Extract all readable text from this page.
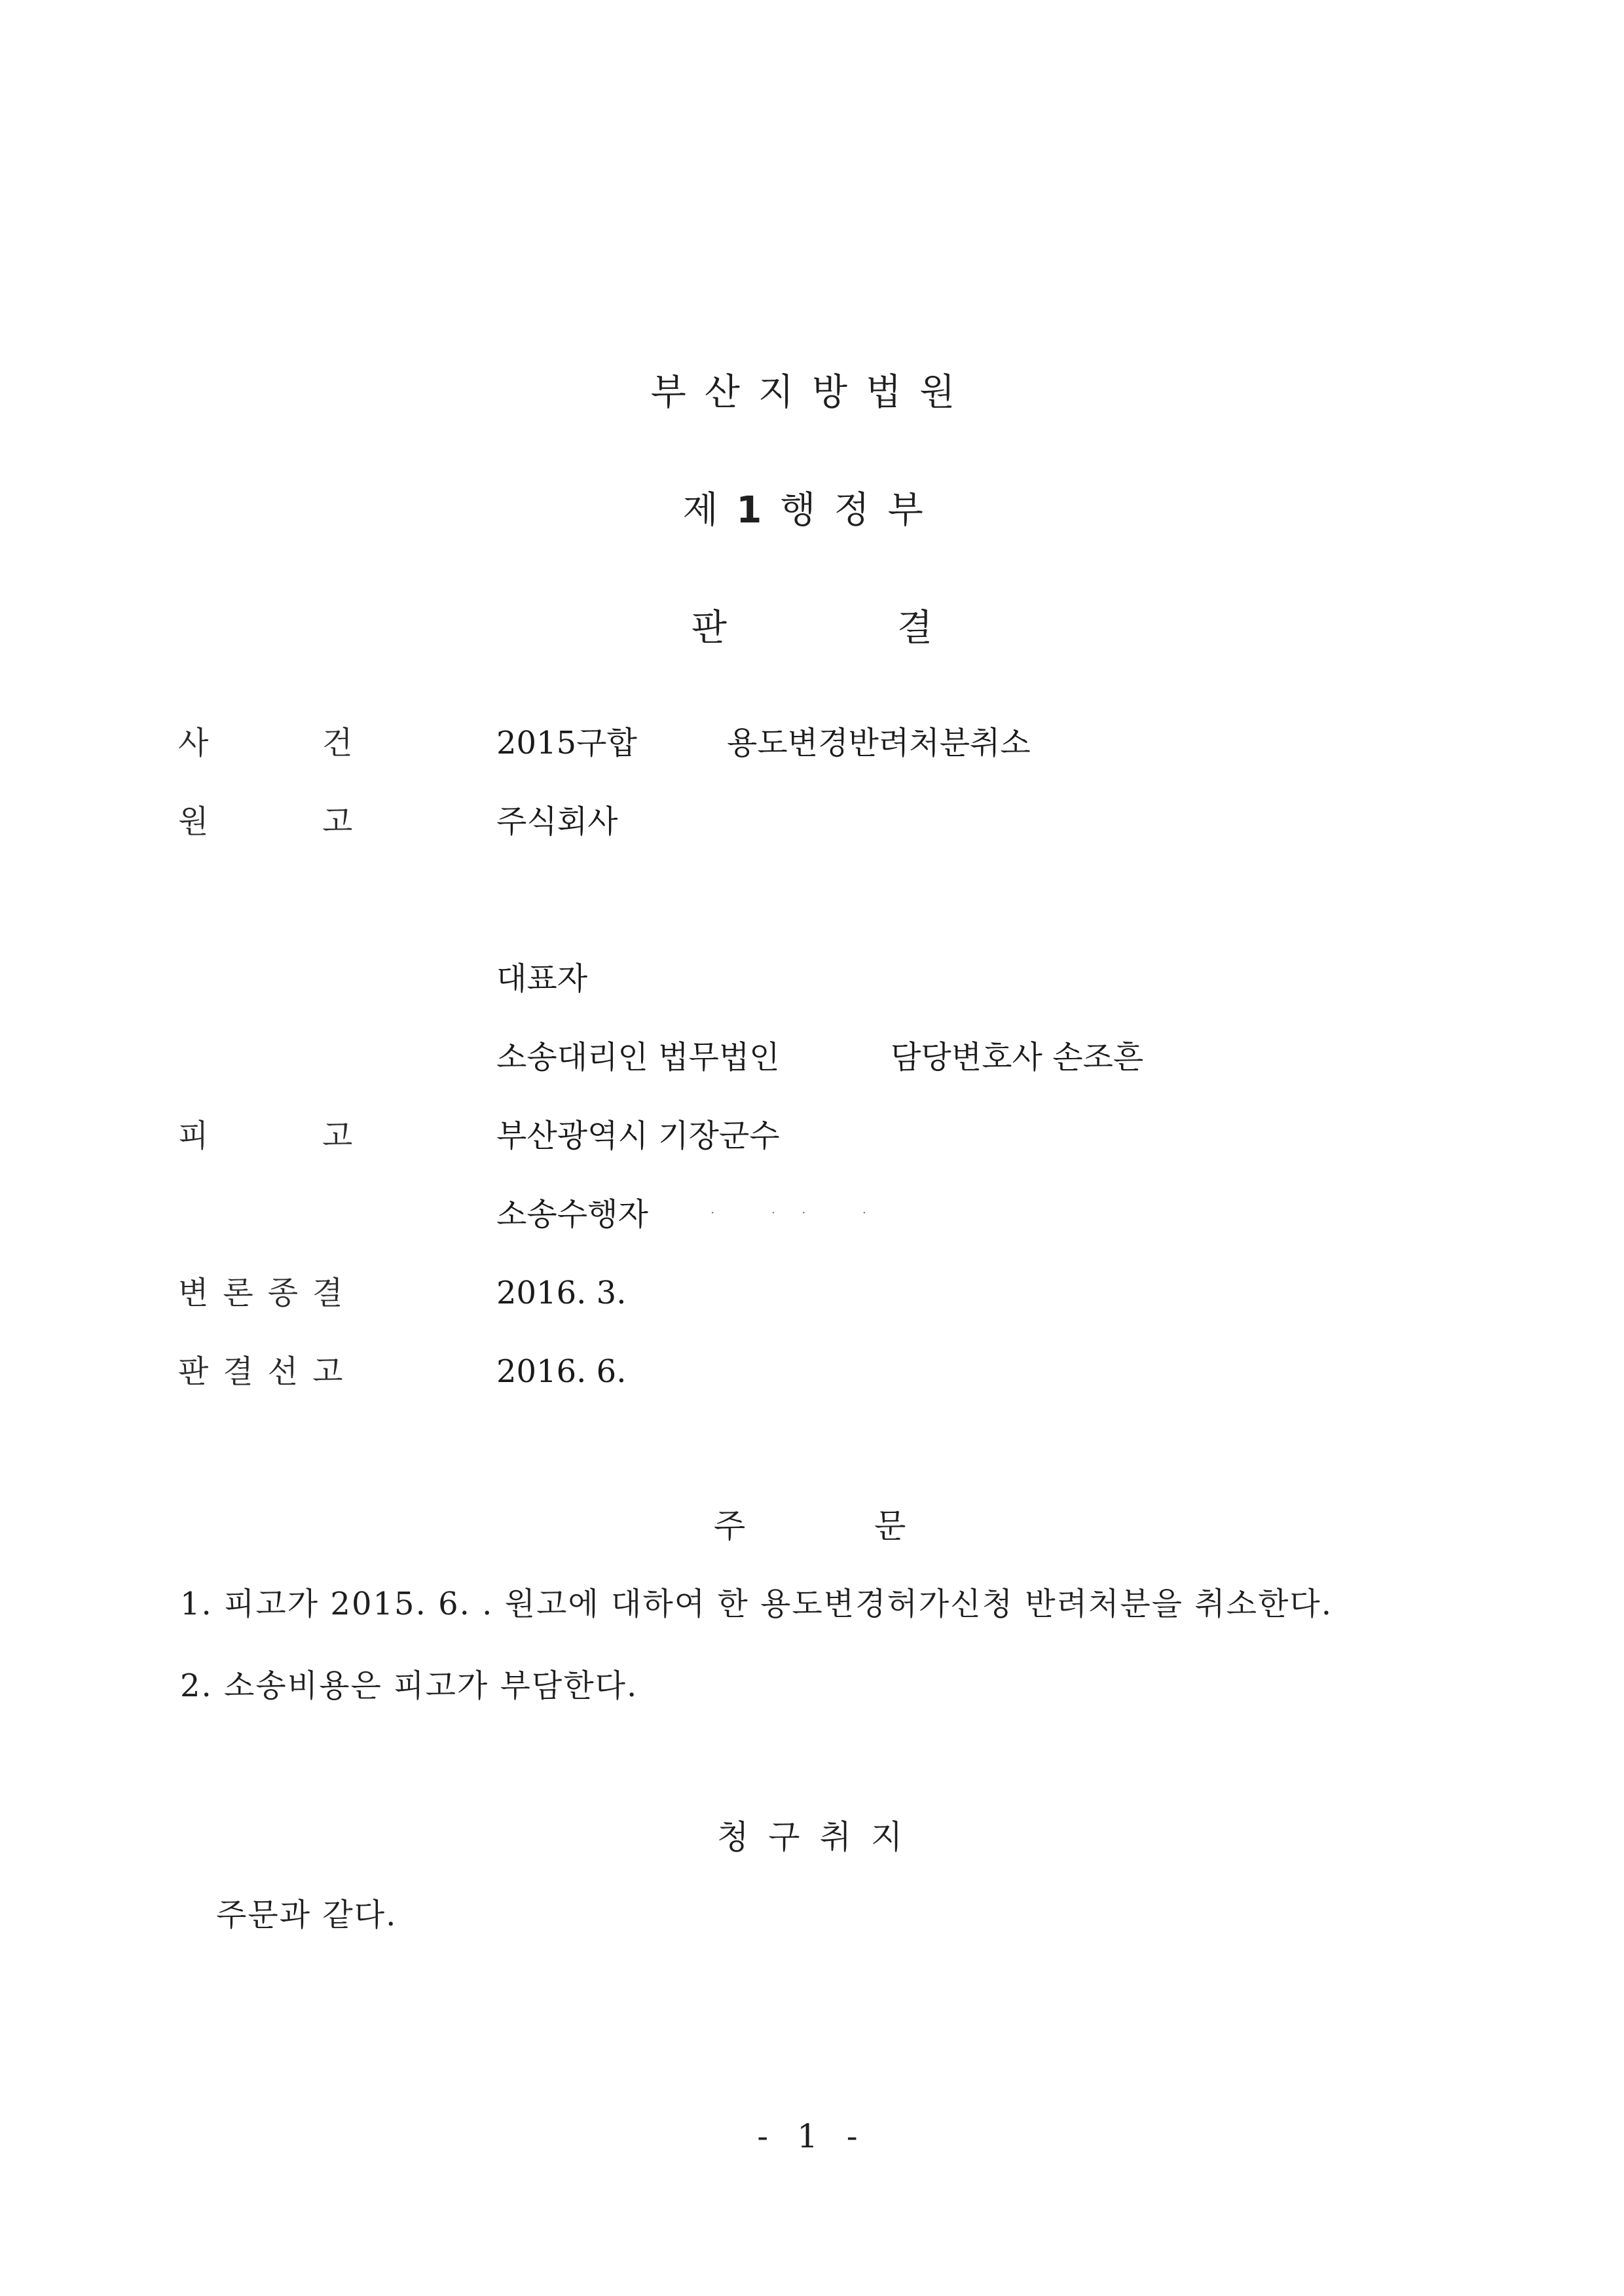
부산지방법원
제1행정부
판	결
사	건	2015구합	용도변경반려처분취소
원	고	주식회사
대표자
소송대리인 법무법인	담당변호사 손조흔
피	고	부산광역시 기장군수
소송수행자	· ·· ·
변론종결	2016. 3.
판결선고	2016. 6.
주	문
1. 피고가 2015. 6. . 원고에 대하여 한 용도변경허가신청 반려처분을 취소한다.
2. 소송비용은 피고가 부담한다.
청구취지
주문과 같다.
- 1 -
